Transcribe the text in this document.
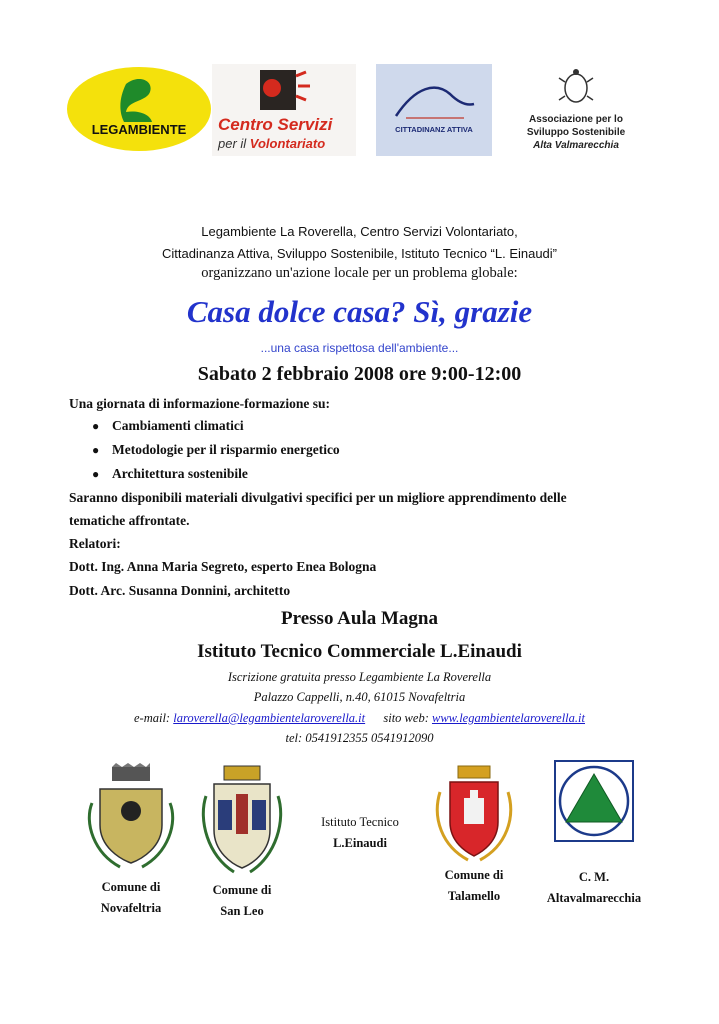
LEGAMBIENTE Centro Servizi
per il Volontariato
CITTADINANZ ATTIVA
Associazione per lo
Sviluppo Sostenibile
Alta Valmarecchia
Legambiente La Roverella, Centro Servizi Volontariato,
Cittadinanza Attiva, Sviluppo Sostenibile, Istituto Tecnico “L. Einaudi”
organizzano un'azione locale per un problema globale:
Casa dolce casa? Sì, grazie
...una casa rispettosa dell'ambiente...
Sabato 2 febbraio 2008 ore 9:00-12:00
Una giornata di informazione-formazione su:
● Cambiamenti climatici
● Metodologie per il risparmio energetico
● Architettura sostenibile
Saranno disponibili materiali divulgativi specifici per un migliore apprendimento delle
tematiche affrontate.
Relatori:
Dott. Ing. Anna Maria Segreto, esperto Enea Bologna
Dott. Arc. Susanna Donnini, architetto
Presso Aula Magna
Istituto Tecnico Commerciale L.Einaudi
Iscrizione gratuita presso Legambiente La Roverella
Palazzo Cappelli, n.40, 61015 Novafeltria
e-mail: laroverella@legambientelaroverella.it sito web: www.legambientelaroverella.it
tel: 0541912355 0541912090
Comune di
Novafeltria
Comune di
San Leo
Istituto Tecnico
L.Einaudi
Comune di
Talamello
C. M.
Altavalmarecchia
